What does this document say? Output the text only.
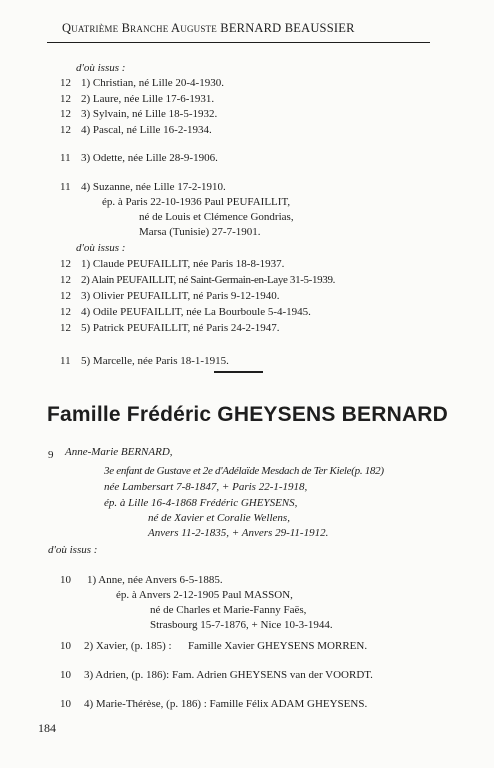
Quatrième Branche Auguste BERNARD BEAUSSIER
d'où issus :
12 1) Christian, né Lille 20-4-1930.
12 2) Laure, née Lille 17-6-1931.
12 3) Sylvain, né Lille 18-5-1932.
12 4) Pascal, né Lille 16-2-1934.
11 3) Odette, née Lille 28-9-1906.
11 4) Suzanne, née Lille 17-2-1910.
ép. à Paris 22-10-1936 Paul PEUFAILLIT,
né de Louis et Clémence Gondrias,
Marsa (Tunisie) 27-7-1901.
d'où issus :
12 1) Claude PEUFAILLIT, née Paris 18-8-1937.
12 2) Alain PEUFAILLIT, né Saint-Germain-en-Laye 31-5-1939.
12 3) Olivier PEUFAILLIT, né Paris 9-12-1940.
12 4) Odile PEUFAILLIT, née La Bourboule 5-4-1945.
12 5) Patrick PEUFAILLIT, né Paris 24-2-1947.
11 5) Marcelle, née Paris 18-1-1915.
Famille Frédéric GHEYSENS BERNARD
9 Anne-Marie BERNARD,
3e enfant de Gustave et 2e d'Adélaïde Mesdach de Ter Kiele(p. 182)
née Lambersart 7-8-1847, + Paris 22-1-1918,
ép. à Lille 16-4-1868 Frédéric GHEYSENS,
né de Xavier et Coralie Wellens,
Anvers 11-2-1835, + Anvers 29-11-1912.
d'où issus :
10 1) Anne, née Anvers 6-5-1885.
ép. à Anvers 2-12-1905 Paul MASSON,
né de Charles et Marie-Fanny Faës,
Strasbourg 15-7-1876, + Nice 10-3-1944.
10 2) Xavier, (p. 185) :      Famille Xavier GHEYSENS MORREN.
10 3) Adrien, (p. 186): Fam. Adrien GHEYSENS van der VOORDT.
10 4) Marie-Thérèse, (p. 186) : Famille Félix ADAM GHEYSENS.
184
